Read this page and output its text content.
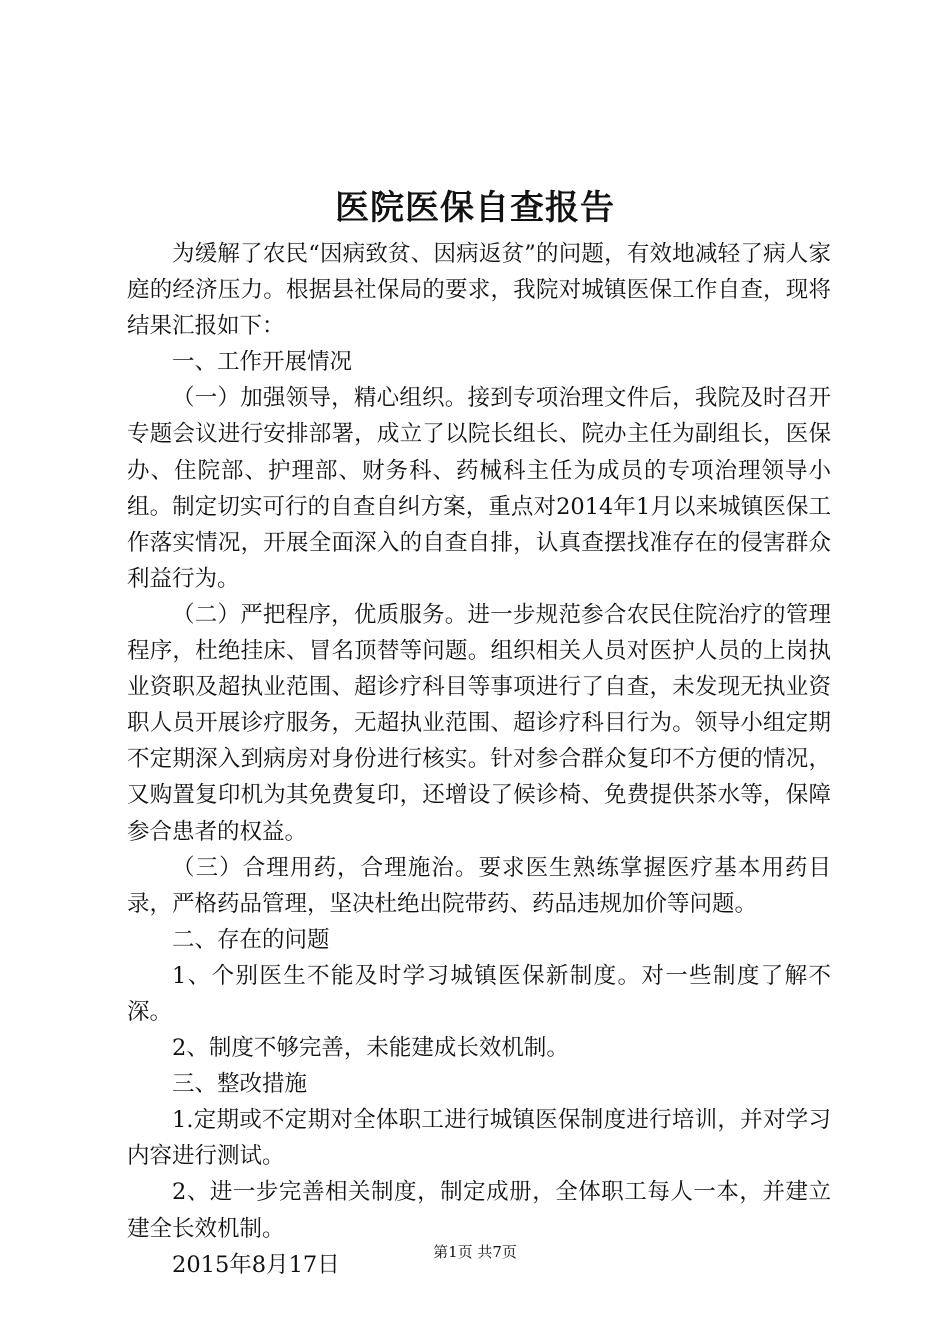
医院医保自查报告

为缓解了农民“因病致贫、因病返贫”的问题，有效地减轻了病人家庭的经济压力。根据县社保局的要求，我院对城镇医保工作自查，现将结果汇报如下：

一、工作开展情况

（一）加强领导，精心组织。接到专项治理文件后，我院及时召开专题会议进行安排部署，成立了以院长组长、院办主任为副组长，医保办、住院部、护理部、财务科、药械科主任为成员的专项治理领导小组。制定切实可行的自查自纠方案，重点对2014年1月以来城镇医保工作落实情况，开展全面深入的自查自排，认真查摆找准存在的侵害群众利益行为。

（二）严把程序，优质服务。进一步规范参合农民住院治疗的管理程序，杜绝挂床、冒名顶替等问题。组织相关人员对医护人员的上岗执业资职及超执业范围、超诊疗科目等事项进行了自查，未发现无执业资职人员开展诊疗服务，无超执业范围、超诊疗科目行为。领导小组定期不定期深入到病房对身份进行核实。针对参合群众复印不方便的情况，又购置复印机为其免费复印，还增设了候诊椅、免费提供茶水等，保障参合患者的权益。

（三）合理用药，合理施治。要求医生熟练掌握医疗基本用药目录，严格药品管理，坚决杜绝出院带药、药品违规加价等问题。

二、存在的问题

1、个别医生不能及时学习城镇医保新制度。对一些制度了解不深。

2、制度不够完善，未能建成长效机制。

三、整改措施

1.定期或不定期对全体职工进行城镇医保制度进行培训，并对学习内容进行测试。

2、进一步完善相关制度，制定成册，全体职工每人一本，并建立建全长效机制。

2015年8月17日	第1页 共7页
